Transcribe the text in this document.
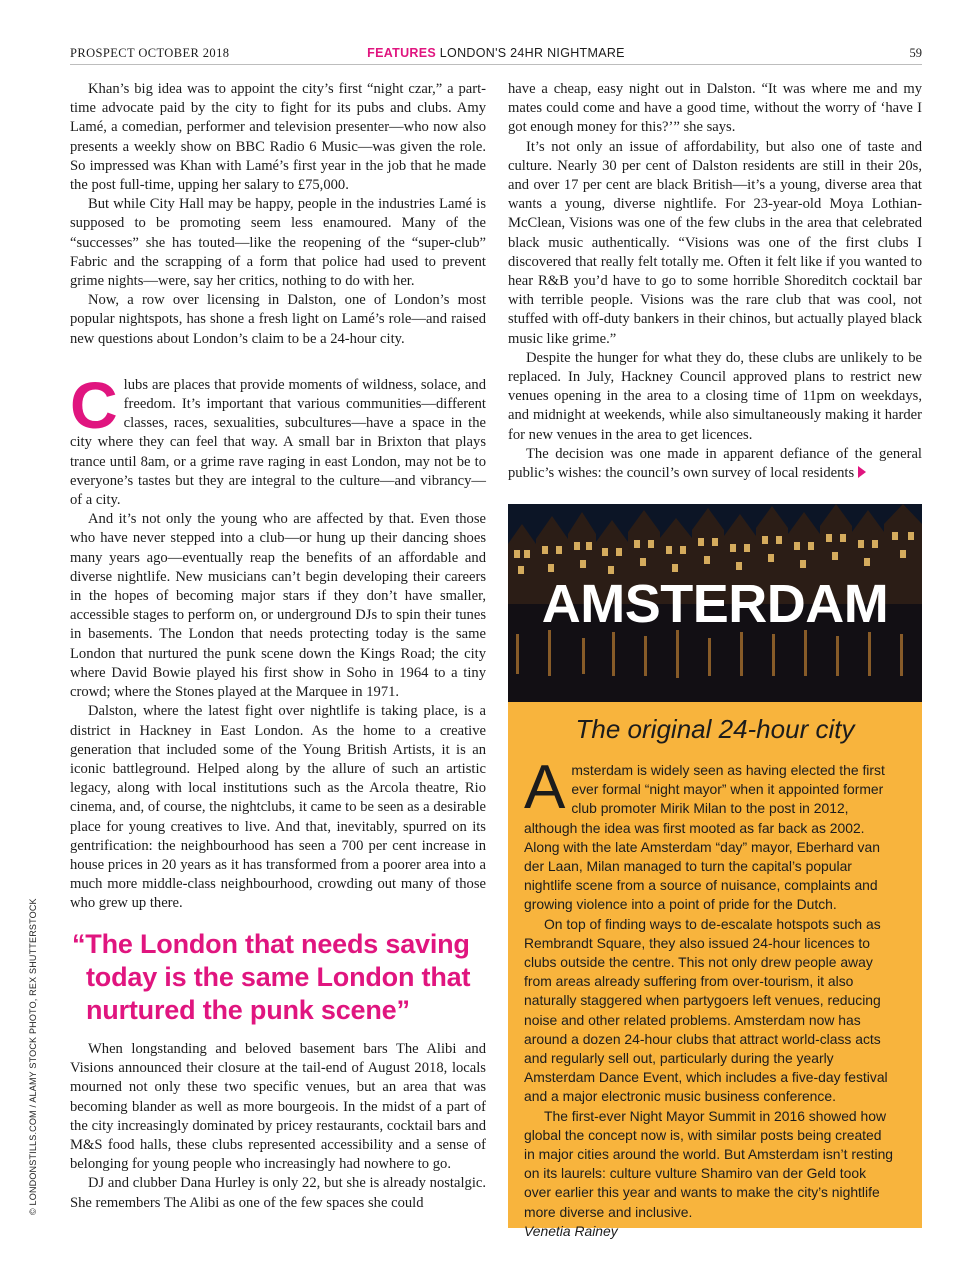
PROSPECT OCTOBER 2018	FEATURES LONDON'S 24HR NIGHTMARE	59

Khan’s big idea was to appoint the city’s first “night czar,” a part-time advocate paid by the city to fight for its pubs and clubs. Amy Lamé, a comedian, performer and television presenter—who now also presents a weekly show on BBC Radio 6 Music—was given the role. So impressed was Khan with Lamé’s first year in the job that he made the post full-time, upping her salary to £75,000.

But while City Hall may be happy, people in the industries Lamé is supposed to be promoting seem less enamoured. Many of the “successes” she has touted—like the reopening of the “super-club” Fabric and the scrapping of a form that police had used to prevent grime nights—were, say her critics, nothing to do with her.

Now, a row over licensing in Dalston, one of London’s most popular nightspots, has shone a fresh light on Lamé’s role—and raised new questions about London’s claim to be a 24-hour city.

Clubs are places that provide moments of wildness, solace, and freedom. It’s important that various communities—different classes, races, sexualities, subcultures—have a space in the city where they can feel that way. A small bar in Brixton that plays trance until 8am, or a grime rave raging in east London, may not be to everyone’s tastes but they are integral to the culture—and vibrancy—of a city.

And it’s not only the young who are affected by that. Even those who have never stepped into a club—or hung up their dancing shoes many years ago—eventually reap the benefits of an affordable and diverse nightlife. New musicians can’t begin developing their careers in the hopes of becoming major stars if they don’t have smaller, accessible stages to perform on, or underground DJs to spin their tunes in basements. The London that needs protecting today is the same London that nurtured the punk scene down the Kings Road; the city where David Bowie played his first show in Soho in 1964 to a tiny crowd; where the Stones played at the Marquee in 1971.

Dalston, where the latest fight over nightlife is taking place, is a district in Hackney in East London. As the home to a creative generation that included some of the Young British Artists, it is an iconic battleground. Helped along by the allure of such an artistic legacy, along with local institutions such as the Arcola theatre, Rio cinema, and, of course, the nightclubs, it came to be seen as a desirable place for young creatives to live. And that, inevitably, spurred on its gentrification: the neighbourhood has seen a 700 per cent increase in house prices in 20 years as it has transformed from a poorer area into a much more middle-class neighbourhood, crowding out many of those who grew up there.

“The London that needs saving
today is the same London that
nurtured the punk scene”

When longstanding and beloved basement bars The Alibi and Visions announced their closure at the tail-end of August 2018, locals mourned not only these two specific venues, but an area that was becoming blander as well as more bourgeois. In the midst of a part of the city increasingly dominated by pricey restaurants, cocktail bars and M&S food halls, these clubs represented accessibility and a sense of belonging for young people who increasingly had nowhere to go.

DJ and clubber Dana Hurley is only 22, but she is already nostalgic. She remembers The Alibi as one of the few spaces she could

© LONDONSTILLS.COM / ALAMY STOCK PHOTO, REX SHUTTERSTOCK

have a cheap, easy night out in Dalston. “It was where me and my mates could come and have a good time, without the worry of ‘have I got enough money for this?’” she says.

It’s not only an issue of affordability, but also one of taste and culture. Nearly 30 per cent of Dalston residents are still in their 20s, and over 17 per cent are black British—it’s a young, diverse area that wants a young, diverse nightlife. For 23-year-old Moya Lothian-McClean, Visions was one of the few clubs in the area that celebrated black music authentically. “Visions was one of the first clubs I discovered that really felt totally me. Often it felt like if you wanted to hear R&B you’d have to go to some horrible Shoreditch cocktail bar with terrible people. Visions was the rare club that was cool, not stuffed with off-duty bankers in their chinos, but actually played black music like grime.”

Despite the hunger for what they do, these clubs are unlikely to be replaced. In July, Hackney Council approved plans to restrict new venues opening in the area to a closing time of 11pm on weekdays, and midnight at weekends, while also simultaneously making it harder for new venues in the area to get licences.

The decision was one made in apparent defiance of the general public’s wishes: the council’s own survey of local residents

AMSTERDAM
The original 24-hour city

Amsterdam is widely seen as having elected the first ever formal “night mayor” when it appointed former club promoter Mirik Milan to the post in 2012, although the idea was first mooted as far back as 2002. Along with the late Amsterdam “day” mayor, Eberhard van der Laan, Milan managed to turn the capital’s popular nightlife scene from a source of nuisance, complaints and growing violence into a point of pride for the Dutch.

On top of finding ways to de-escalate hotspots such as Rembrandt Square, they also issued 24-hour licences to clubs outside the centre. This not only drew people away from areas already suffering from over-tourism, it also naturally staggered when partygoers left venues, reducing noise and other related problems. Amsterdam now has around a dozen 24-hour clubs that attract world-class acts and regularly sell out, particularly during the yearly Amsterdam Dance Event, which includes a five-day festival and a major electronic music business conference.

The first-ever Night Mayor Summit in 2016 showed how global the concept now is, with similar posts being created in major cities around the world. But Amsterdam isn’t resting on its laurels: culture vulture Shamiro van der Geld took over earlier this year and wants to make the city’s nightlife more diverse and inclusive.

Venetia Rainey
